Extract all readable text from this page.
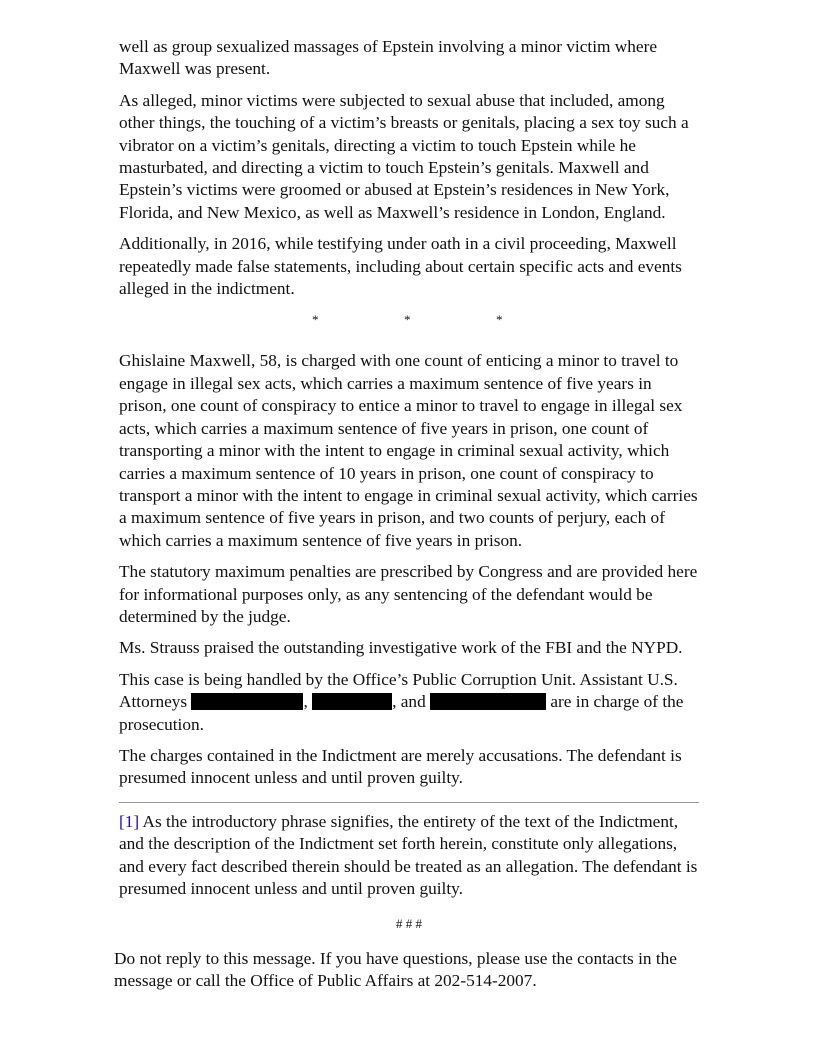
well as group sexualized massages of Epstein involving a minor victim where Maxwell was present.

As alleged, minor victims were subjected to sexual abuse that included, among other things, the touching of a victim’s breasts or genitals, placing a sex toy such a vibrator on a victim’s genitals, directing a victim to touch Epstein while he masturbated, and directing a victim to touch Epstein’s genitals. Maxwell and Epstein’s victims were groomed or abused at Epstein’s residences in New York, Florida, and New Mexico, as well as Maxwell’s residence in London, England.

Additionally, in 2016, while testifying under oath in a civil proceeding, Maxwell repeatedly made false statements, including about certain specific acts and events alleged in the indictment.

*	*	*

Ghislaine Maxwell, 58, is charged with one count of enticing a minor to travel to engage in illegal sex acts, which carries a maximum sentence of five years in prison, one count of conspiracy to entice a minor to travel to engage in illegal sex acts, which carries a maximum sentence of five years in prison, one count of transporting a minor with the intent to engage in criminal sexual activity, which carries a maximum sentence of 10 years in prison, one count of conspiracy to transport a minor with the intent to engage in criminal sexual activity, which carries a maximum sentence of five years in prison, and two counts of perjury, each of which carries a maximum sentence of five years in prison.

The statutory maximum penalties are prescribed by Congress and are provided here for informational purposes only, as any sentencing of the defendant would be determined by the judge.

Ms. Strauss praised the outstanding investigative work of the FBI and the NYPD.

This case is being handled by the Office’s Public Corruption Unit. Assistant U.S. Attorneys	,	, and	are in charge of the prosecution.

The charges contained in the Indictment are merely accusations. The defendant is presumed innocent unless and until proven guilty.

[1] As the introductory phrase signifies, the entirety of the text of the Indictment, and the description of the Indictment set forth herein, constitute only allegations, and every fact described therein should be treated as an allegation. The defendant is presumed innocent unless and until proven guilty.

# # #
Do not reply to this message. If you have questions, please use the contacts in the message or call the Office of Public Affairs at 202-514-2007.
